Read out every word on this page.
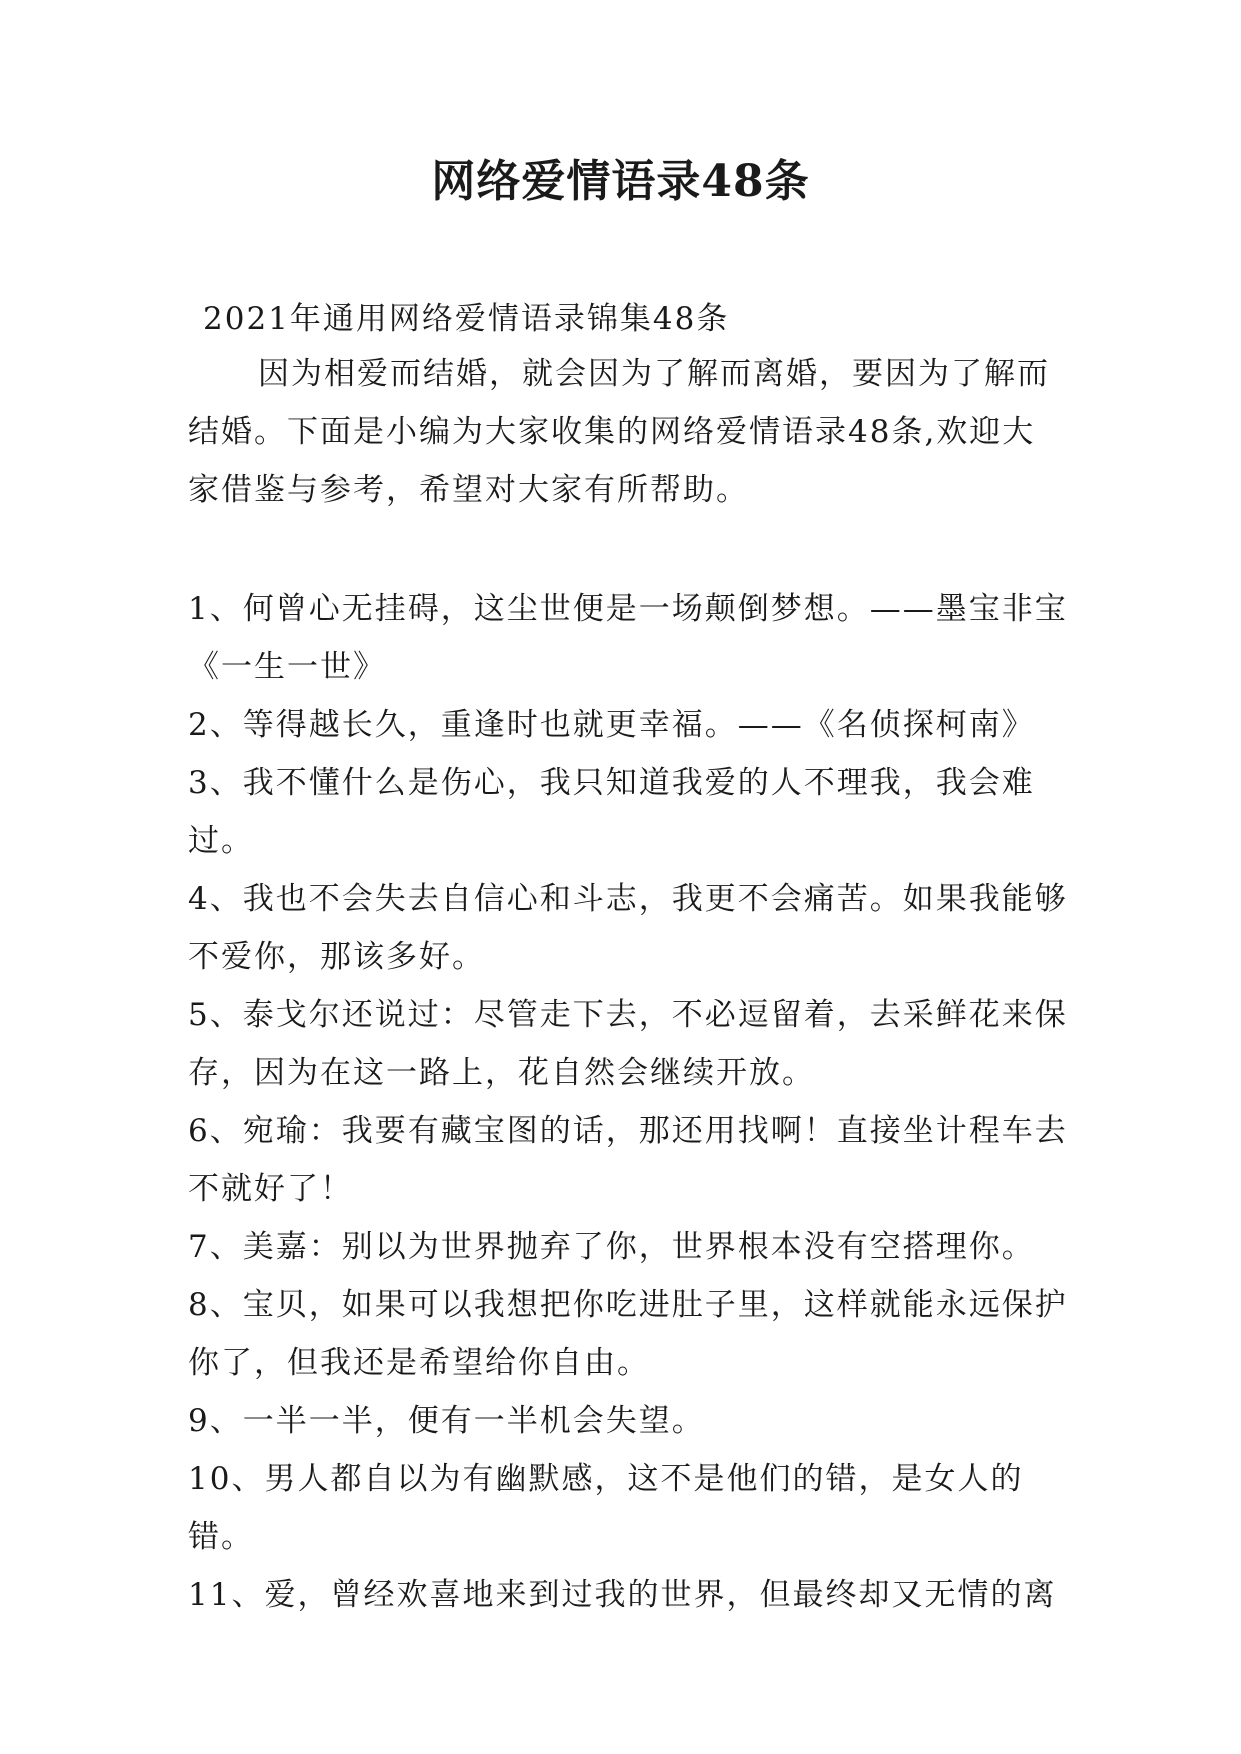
网络爱情语录48条

2021年通用网络爱情语录锦集48条

因为相爱而结婚，就会因为了解而离婚，要因为了解而结婚。下面是小编为大家收集的网络爱情语录48条,欢迎大家借鉴与参考，希望对大家有所帮助。

1、何曾心无挂碍，这尘世便是一场颠倒梦想。——墨宝非宝《一生一世》
2、等得越长久，重逢时也就更幸福。——《名侦探柯南》
3、我不懂什么是伤心，我只知道我爱的人不理我，我会难过。
4、我也不会失去自信心和斗志，我更不会痛苦。如果我能够不爱你，那该多好。
5、泰戈尔还说过：尽管走下去，不必逗留着，去采鲜花来保存，因为在这一路上，花自然会继续开放。
6、宛瑜：我要有藏宝图的话，那还用找啊！直接坐计程车去不就好了！
7、美嘉：别以为世界抛弃了你，世界根本没有空搭理你。
8、宝贝，如果可以我想把你吃进肚子里，这样就能永远保护你了，但我还是希望给你自由。
9、一半一半，便有一半机会失望。
10、男人都自以为有幽默感，这不是他们的错，是女人的错。
11、爱，曾经欢喜地来到过我的世界，但最终却又无情的离
